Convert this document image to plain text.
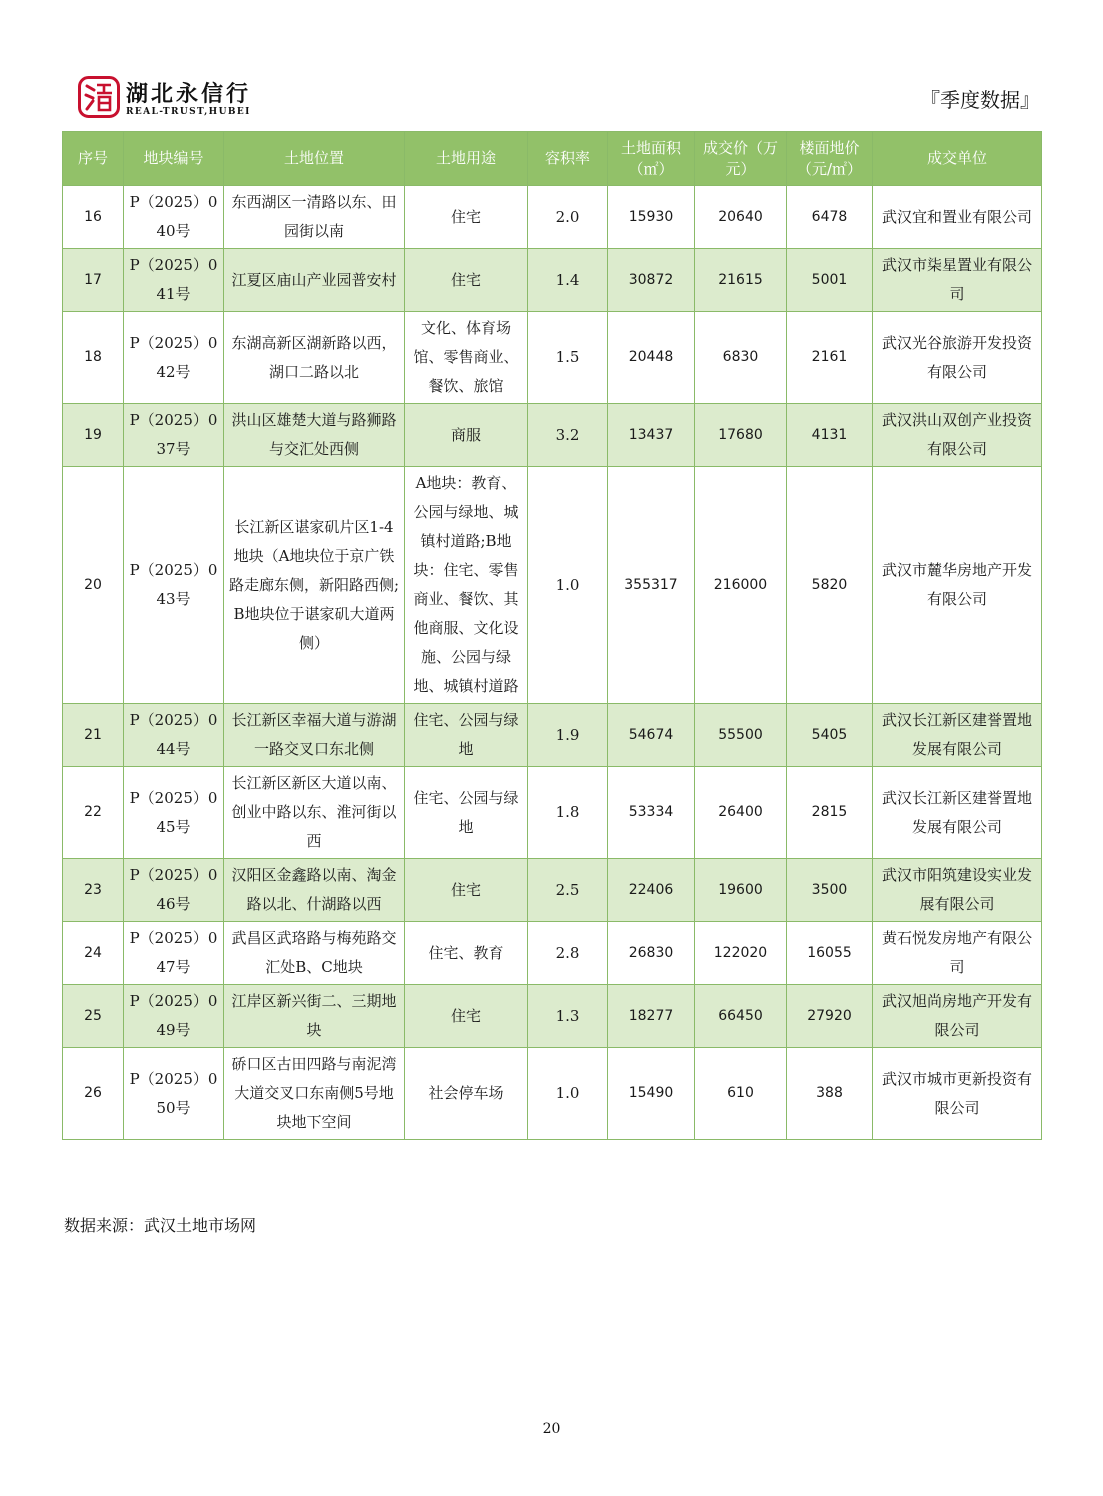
湖北永信行
REAL-TRUST,HUBEI	『季度数据』
序号	地块编号	土地位置	土地用途	容积率	土地面积（㎡）	成交价（万元）	楼面地价（元/㎡）	成交单位
16	P（2025）040号	东西湖区一清路以东、田园街以南	住宅	2.0	15930	20640	6478	武汉宜和置业有限公司
17	P（2025）041号	江夏区庙山产业园普安村	住宅	1.4	30872	21615	5001	武汉市柒星置业有限公司
18	P（2025）042号	东湖高新区湖新路以西，湖口二路以北	文化、体育场馆、零售商业、餐饮、旅馆	1.5	20448	6830	2161	武汉光谷旅游开发投资有限公司
19	P（2025）037号	洪山区雄楚大道与路狮路与交汇处西侧	商服	3.2	13437	17680	4131	武汉洪山双创产业投资有限公司
20	P（2025）043号	长江新区谌家矶片区1-4地块（A地块位于京广铁路走廊东侧，新阳路西侧;B地块位于谌家矶大道两侧）	A地块：教育、公园与绿地、城镇村道路;B地块：住宅、零售商业、餐饮、其他商服、文化设施、公园与绿地、城镇村道路	1.0	355317	216000	5820	武汉市麓华房地产开发有限公司
21	P（2025）044号	长江新区幸福大道与游湖一路交叉口东北侧	住宅、公园与绿地	1.9	54674	55500	5405	武汉长江新区建誉置地发展有限公司
22	P（2025）045号	长江新区新区大道以南、创业中路以东、淮河街以西	住宅、公园与绿地	1.8	53334	26400	2815	武汉长江新区建誉置地发展有限公司
23	P（2025）046号	汉阳区金鑫路以南、淘金路以北、什湖路以西	住宅	2.5	22406	19600	3500	武汉市阳筑建设实业发展有限公司
24	P（2025）047号	武昌区武珞路与梅苑路交汇处B、C地块	住宅、教育	2.8	26830	122020	16055	黄石悦发房地产有限公司
25	P（2025）049号	江岸区新兴街二、三期地块	住宅	1.3	18277	66450	27920	武汉旭尚房地产开发有限公司
26	P（2025）050号	硚口区古田四路与南泥湾大道交叉口东南侧5号地块地下空间	社会停车场	1.0	15490	610	388	武汉市城市更新投资有限公司
数据来源：武汉土地市场网
20
